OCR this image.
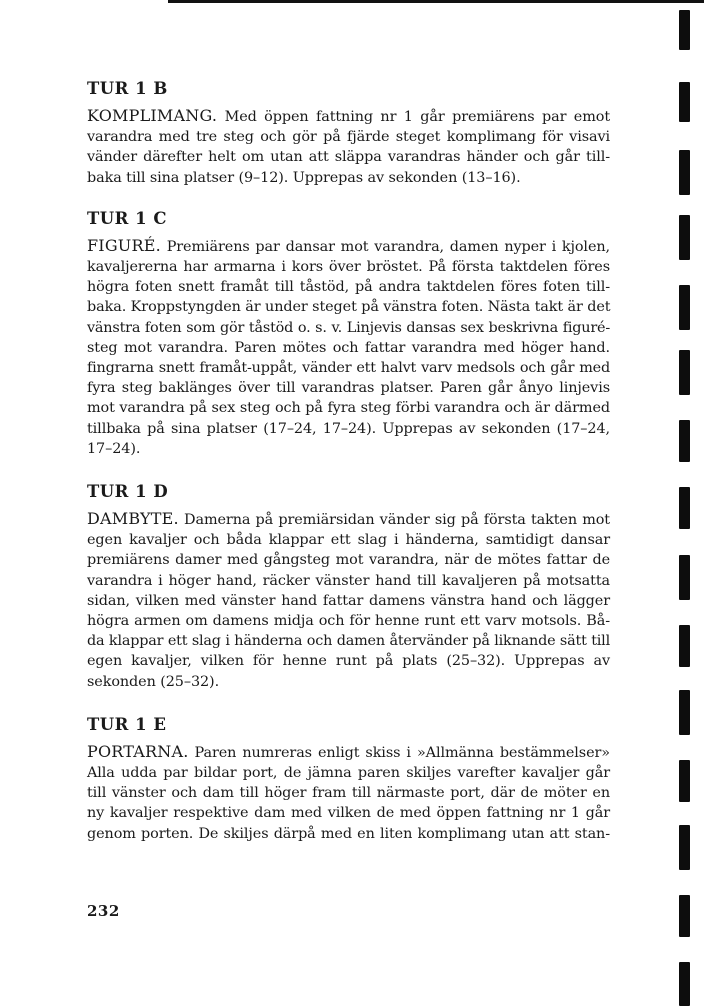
TUR 1 B
KOMPLIMANG. Med öppen fattning nr 1 går premiärens par emot
varandra med tre steg och gör på fjärde steget komplimang för visavi
vänder därefter helt om utan att släppa varandras händer och går till-
baka till sina platser (9–12). Upprepas av sekonden (13–16).
TUR 1 C
FIGURÉ. Premiärens par dansar mot varandra, damen nyper i kjolen,
kavaljererna har armarna i kors över bröstet. På första taktdelen föres
högra foten snett framåt till tåstöd, på andra taktdelen föres foten till-
baka. Kroppstyngden är under steget på vänstra foten. Nästa takt är det
vänstra foten som gör tåstöd o. s. v. Linjevis dansas sex beskrivna figuré-
steg mot varandra. Paren mötes och fattar varandra med höger hand.
fingrarna snett framåt-uppåt, vänder ett halvt varv medsols och går med
fyra steg baklänges över till varandras platser. Paren går ånyo linjevis
mot varandra på sex steg och på fyra steg förbi varandra och är därmed
tillbaka på sina platser (17–24, 17–24). Upprepas av sekonden (17–24,
17–24).
TUR 1 D
DAMBYTE. Damerna på premiärsidan vänder sig på första takten mot
egen kavaljer och båda klappar ett slag i händerna, samtidigt dansar
premiärens damer med gångsteg mot varandra, när de mötes fattar de
varandra i höger hand, räcker vänster hand till kavaljeren på motsatta
sidan, vilken med vänster hand fattar damens vänstra hand och lägger
högra armen om damens midja och för henne runt ett varv motsols. Bå-
da klappar ett slag i händerna och damen återvänder på liknande sätt till
egen kavaljer, vilken för henne runt på plats (25–32). Upprepas av
sekonden (25–32).
TUR 1 E
PORTARNA. Paren numreras enligt skiss i »Allmänna bestämmelser»
Alla udda par bildar port, de jämna paren skiljes varefter kavaljer går
till vänster och dam till höger fram till närmaste port, där de möter en
ny kavaljer respektive dam med vilken de med öppen fattning nr 1 går
genom porten. De skiljes därpå med en liten komplimang utan att stan-
232
